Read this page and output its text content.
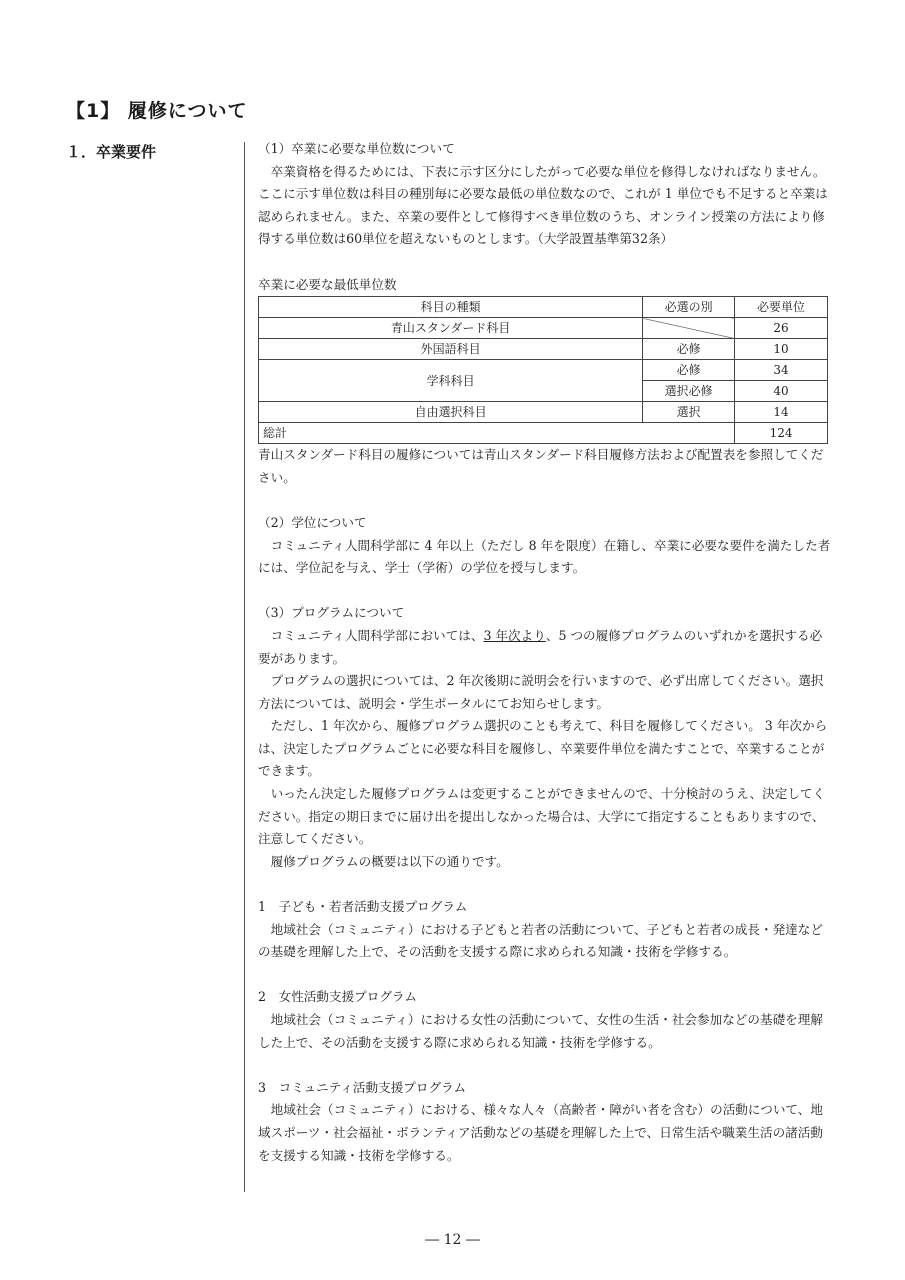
【1】 履修について
１．卒業要件	（1）卒業に必要な単位数について

卒業資格を得るためには、下表に示す区分にしたがって必要な単位を修得しなければなりません。ここに示す単位数は科目の種別毎に必要な最低の単位数なので、これが 1 単位でも不足すると卒業は認められません。また、卒業の要件として修得すべき単位数のうち、オンライン授業の方法により修得する単位数は60単位を超えないものとします。（大学設置基準第32条）

卒業に必要な最低単位数

科目の種類	必選の別	必要単位
青山スタンダード科目		26
外国語科目	必修	10
学科科目	必修	34
	選択必修	40
自由選択科目	選択	14
総計		124

青山スタンダード科目の履修については青山スタンダード科目履修方法および配置表を参照してください。

（2）学位について

コミュニティ人間科学部に 4 年以上（ただし 8 年を限度）在籍し、卒業に必要な要件を満たした者には、学位記を与え、学士（学術）の学位を授与します。

（3）プログラムについて

コミュニティ人間科学部においては、3 年次より、5 つの履修プログラムのいずれかを選択する必要があります。

プログラムの選択については、2 年次後期に説明会を行いますので、必ず出席してください。選択方法については、説明会・学生ポータルにてお知らせします。

ただし、1 年次から、履修プログラム選択のことも考えて、科目を履修してください。 3 年次からは、決定したプログラムごとに必要な科目を履修し、卒業要件単位を満たすことで、卒業することができます。

いったん決定した履修プログラムは変更することができませんので、十分検討のうえ、決定してください。指定の期日までに届け出を提出しなかった場合は、大学にて指定することもありますので、注意してください。

履修プログラムの概要は以下の通りです。

1　子ども・若者活動支援プログラム

地域社会（コミュニティ）における子どもと若者の活動について、子どもと若者の成長・発達などの基礎を理解した上で、その活動を支援する際に求められる知識・技術を学修する。

2　女性活動支援プログラム

地域社会（コミュニティ）における女性の活動について、女性の生活・社会参加などの基礎を理解した上で、その活動を支援する際に求められる知識・技術を学修する。

3　コミュニティ活動支援プログラム

地域社会（コミュニティ）における、様々な人々（高齢者・障がい者を含む）の活動について、地域スポーツ・社会福祉・ボランティア活動などの基礎を理解した上で、日常生活や職業生活の諸活動を支援する知識・技術を学修する。

― 12 ―
